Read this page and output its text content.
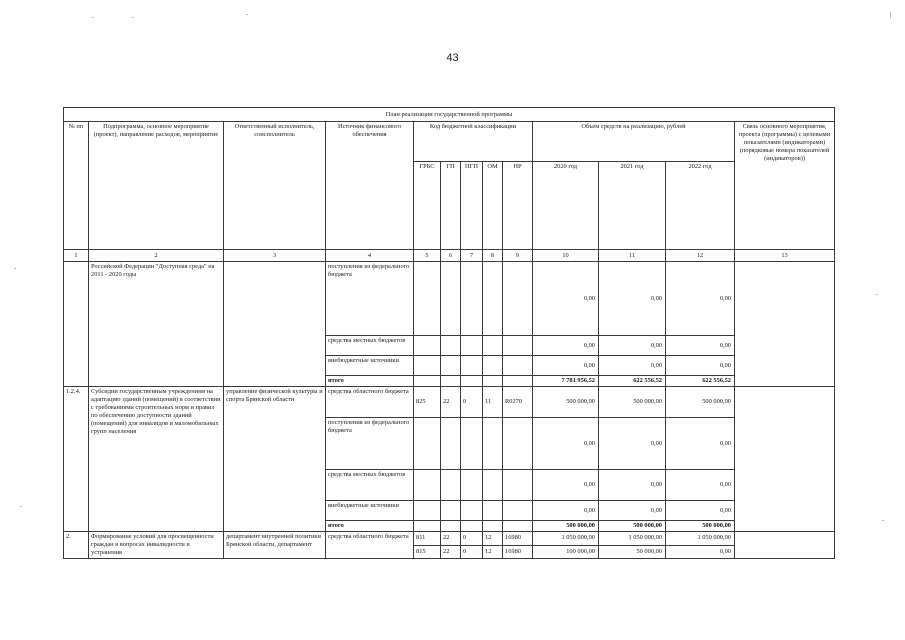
43
План реализации государственной программы												
№ пп	Подпрограмма, основное мероприятие (проект), направление расходов, мероприятие	Ответственный исполнитель, соисполнитель	Источник финансового обеспечения	Код бюджетной классификации					Объем средств на реализацию, рублей			Связь основного мероприятия, проекта (программы) с целевыми показателями (индикаторами) (порядковые номера показателей (индикаторов))
				ГРБС	ГП	ПГП	ОМ	НР	2020 год	2021 год	2022 год	
1	2	3	4	5	6	7	8	9	10	11	12	13
	Российской Федерации "Доступная среда" на 2011 - 2020 годы		поступления из федерального бюджета						0,00	0,00	0,00	
			средства местных бюджетов						0,00	0,00	0,00	
			внебюджетные источники						0,00	0,00	0,00	
			итого						7 781 956,52	622 556,52	622 556,52	
1.2.4.	Субсидии государственным учреждениям на адаптацию зданий (помещений) в соответствии с требованиями строительных норм и правил по обеспечению доступности зданий (помещений) для инвалидов и маломобильных групп населения	управление физической культуры и спорта Брянской области	средства областного бюджета	825	22	0	11	R0270	500 000,00	500 000,00	500 000,00	
			поступления из федерального бюджета						0,00	0,00	0,00	
			средства местных бюджетов						0,00	0,00	0,00	
			внебюджетные источники						0,00	0,00	0,00	
			итого						500 000,00	500 000,00	500 000,00	
2.	Формирование условий для просвещенности граждан в вопросах инвалидности и устранения	департамент внутренней политики Брянской области, департамент	средства областного бюджета	811	22	0	12	16980	1 050 000,00	1 050 000,00	1 050 000,00	
				815	22	0	12	16980	100 000,00	50 000,00	0,00	
